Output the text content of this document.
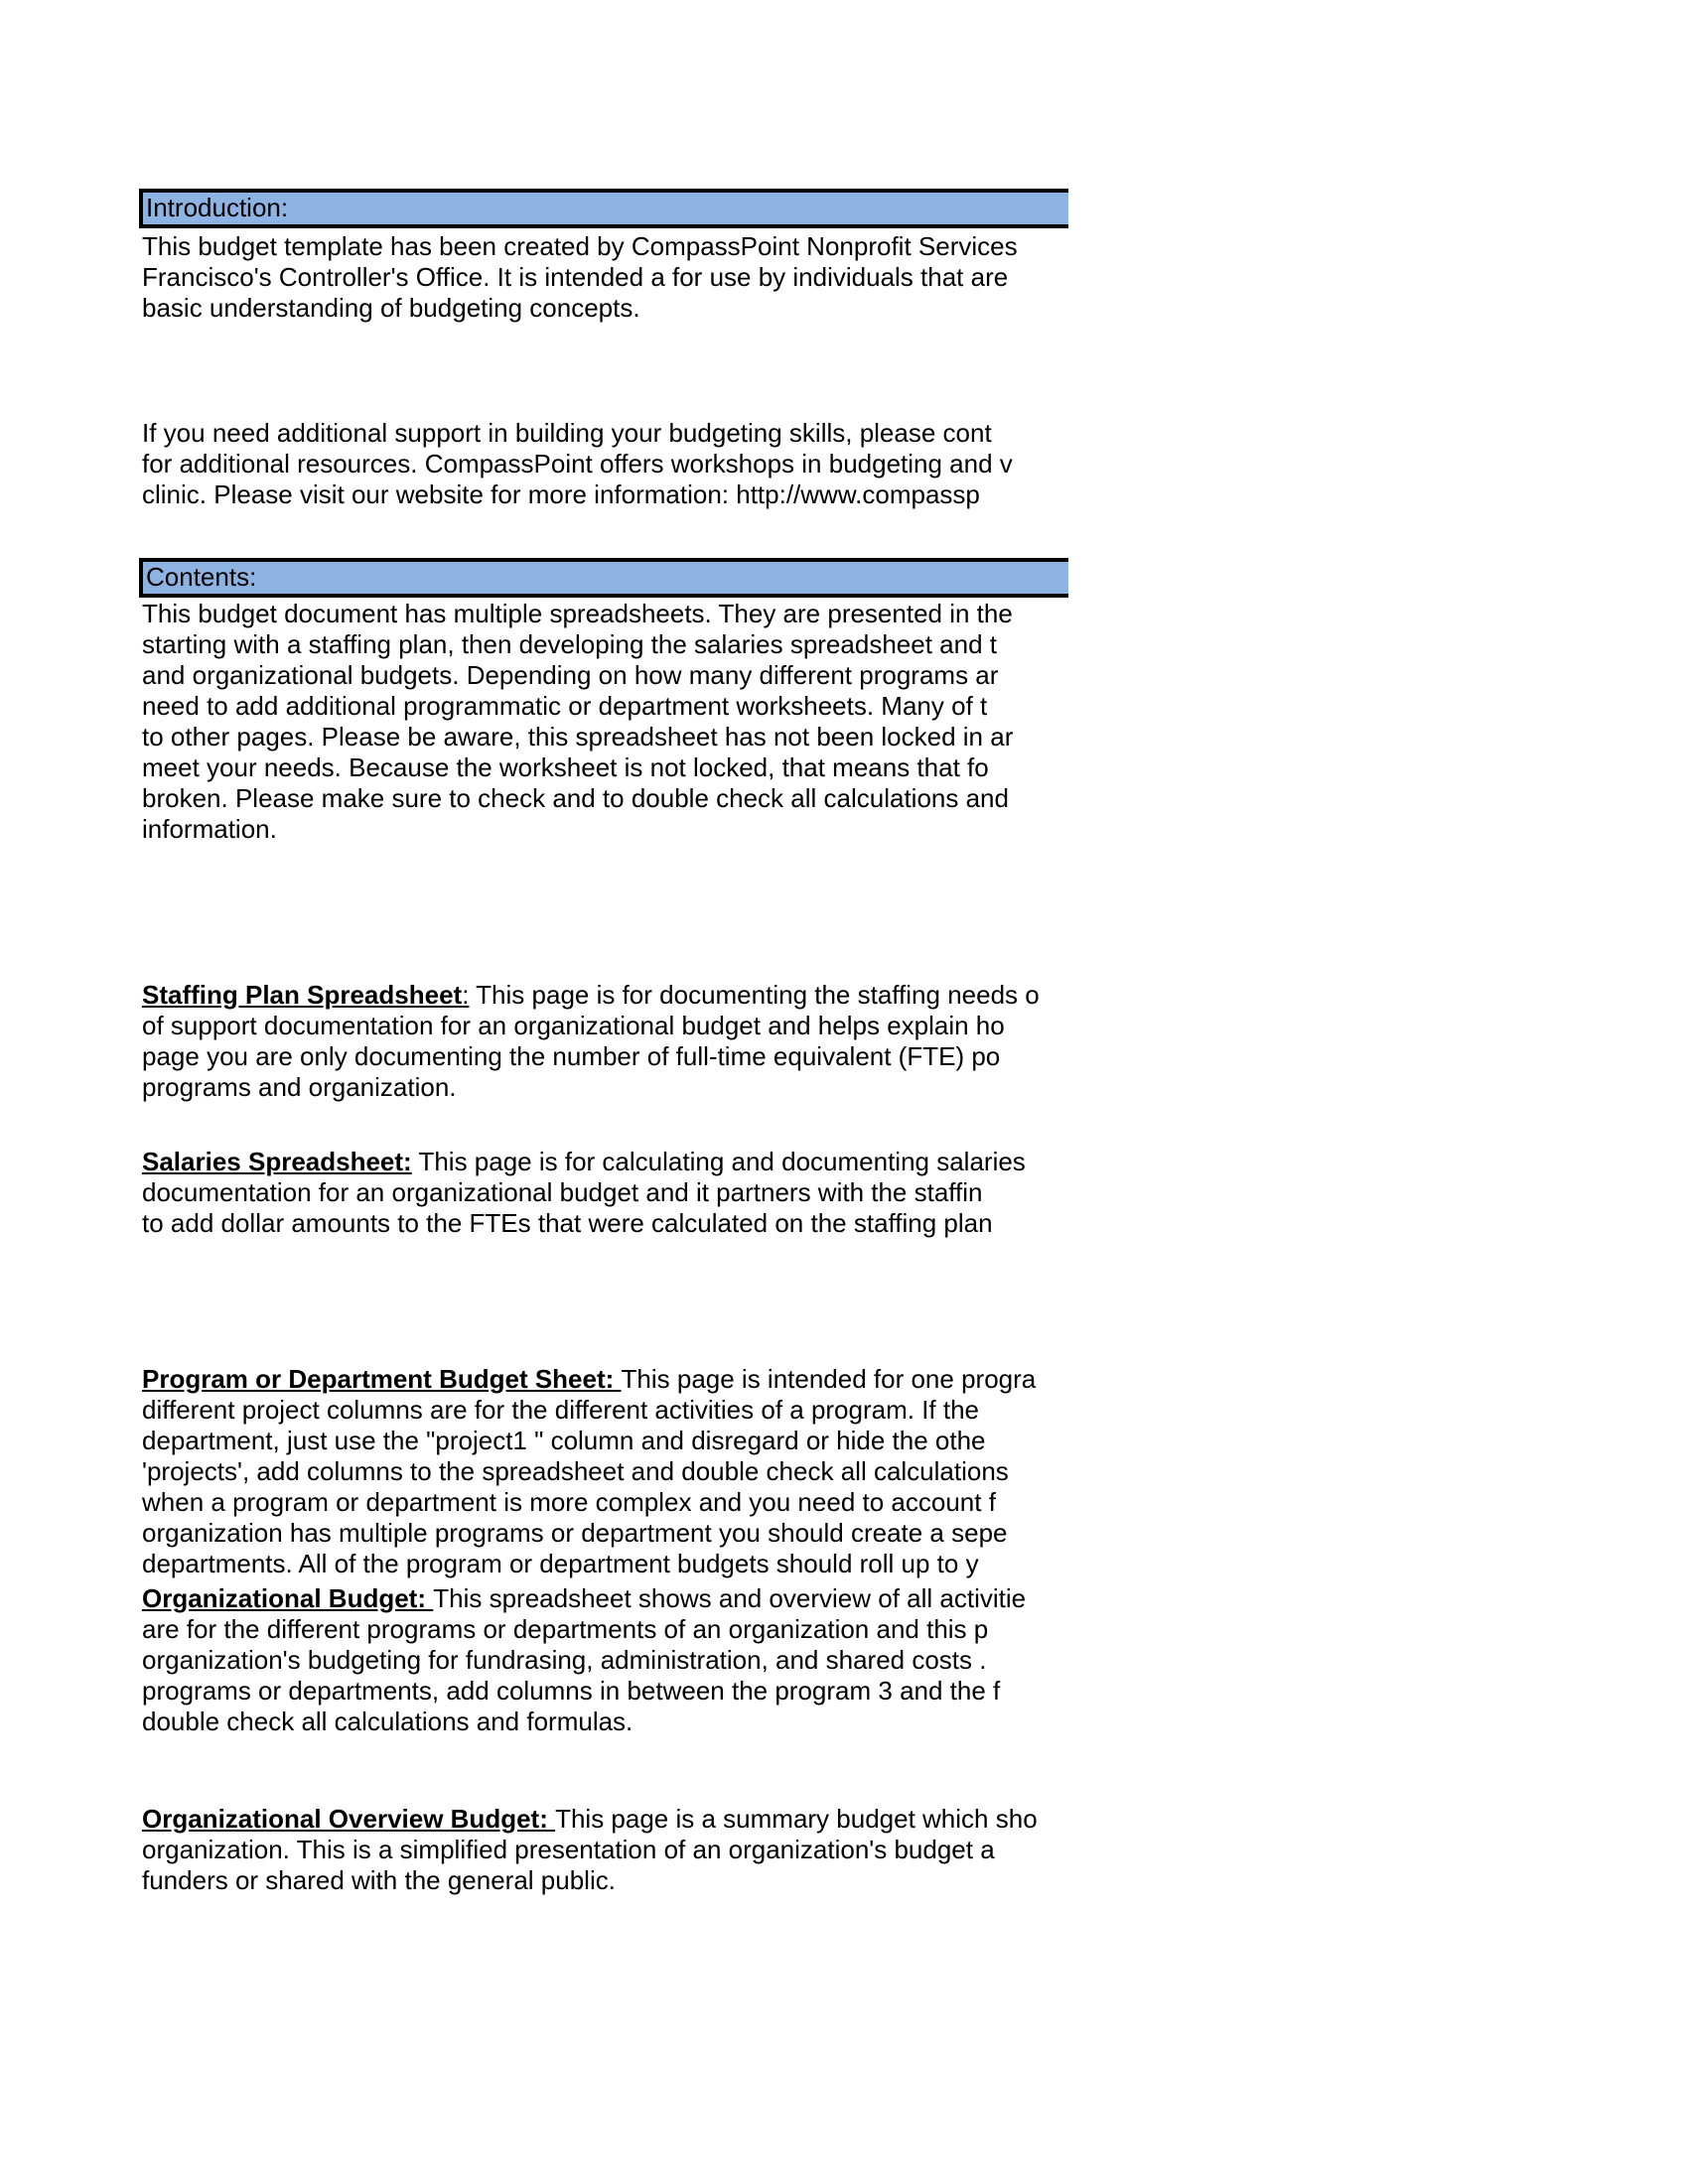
Introduction:
This budget template has been created by CompassPoint Nonprofit Services
Francisco's Controller's Office. It is intended a for use by individuals that are
basic understanding of budgeting concepts.
If you need additional support in building your budgeting skills, please cont
for additional resources. CompassPoint offers workshops in budgeting and v
clinic. Please visit our website for more information: http://www.compassp
Contents:
This budget document has multiple spreadsheets. They are presented in the
starting with a staffing plan, then developing the salaries spreadsheet and t
and organizational budgets. Depending on how many different programs ar
need to add additional programmatic or department worksheets. Many of t
to other pages. Please be aware, this spreadsheet has not been locked in ar
meet your needs. Because the worksheet is not locked, that means that fo
broken. Please make sure to check and to double check all calculations and
information.
Staffing Plan Spreadsheet: This page is for documenting the staffing needs o
of support documentation for an organizational budget and helps explain ho
page you are only documenting the number of full-time equivalent (FTE) po
programs and organization.
Salaries Spreadsheet: This page is for calculating and documenting salaries
documentation for an organizational budget and it partners with the staffin
to add dollar amounts to the FTEs that were calculated on the staffing plan
Program or Department Budget Sheet: This page is intended for one progra
different project columns are for the different activities of a program. If the
department, just use the "project1 " column and disregard or hide the othe
'projects', add columns to the spreadsheet and double check all calculations
when a program or department is more complex and you need to account f
organization has multiple programs or department you should create a sepe
departments. All of the program or department budgets should roll up to y
Organizational Budget: This spreadsheet shows and overview of all activitie
are for the different programs or departments of an organization and this p
organization's budgeting for fundrasing, administration, and shared costs .
programs or departments, add columns in between the program 3 and the f
double check all calculations and formulas.
Organizational Overview Budget: This page is a summary budget which sho
organization. This is a simplified presentation of an organization's budget a
funders or shared with the general public.
